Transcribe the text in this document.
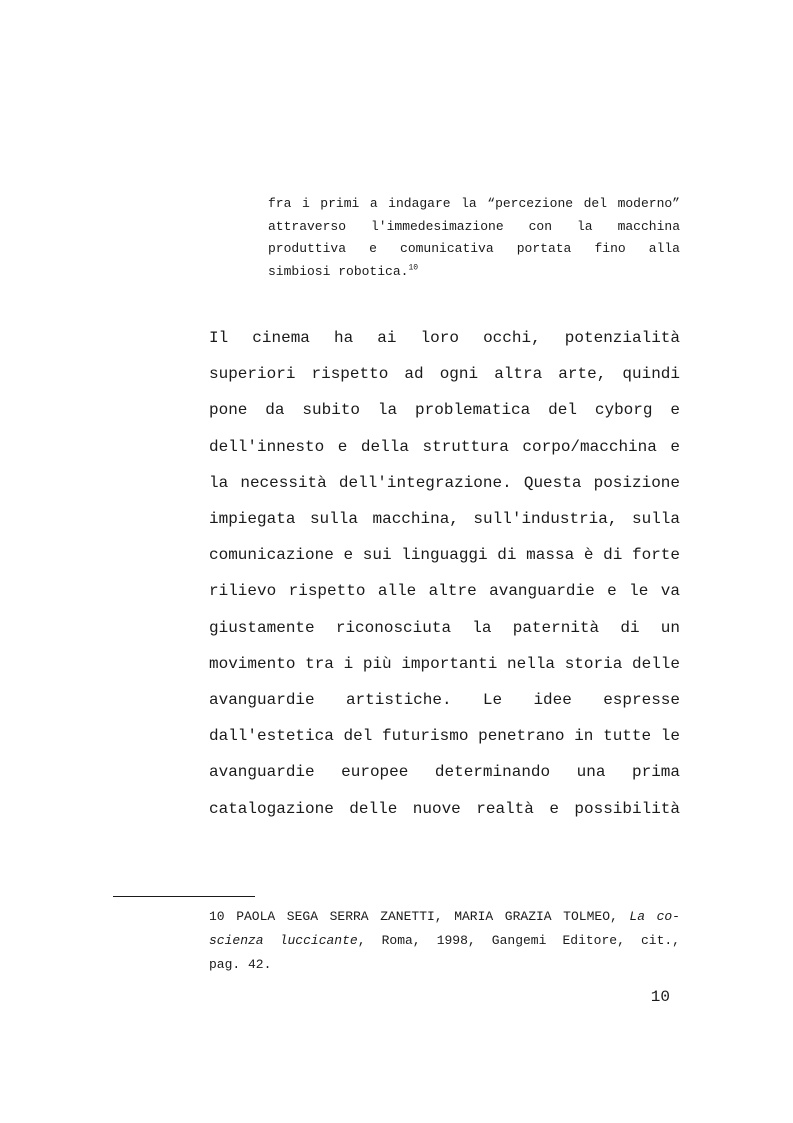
fra i primi a indagare la “percezione del moderno”
attraverso l'immedesimazione con la macchina
produttiva e comunicativa portata fino alla
simbiosi robotica.$^{10}$
Il cinema ha ai loro occhi, potenzialità
superiori rispetto ad ogni altra arte, quindi
pone da subito la problematica del cyborg e
dell'innesto e della struttura corpo/macchina e
la necessità dell'integrazione. Questa posizione
impiegata sulla macchina, sull'industria, sulla
comunicazione e sui linguaggi di massa è di forte
rilievo rispetto alle altre avanguardie e le va
giustamente riconosciuta la paternità di un
movimento tra i più importanti nella storia delle
avanguardie artistiche. Le idee espresse
dall'estetica del futurismo penetrano in tutte le
avanguardie europee determinando una prima
catalogazione delle nuove realtà e possibilità
10 PAOLA SEGA SERRA ZANETTI, MARIA GRAZIA TOLMEO, La co-
scienza luccicante, Roma, 1998, Gangemi Editore, cit.,
pag. 42.
10
